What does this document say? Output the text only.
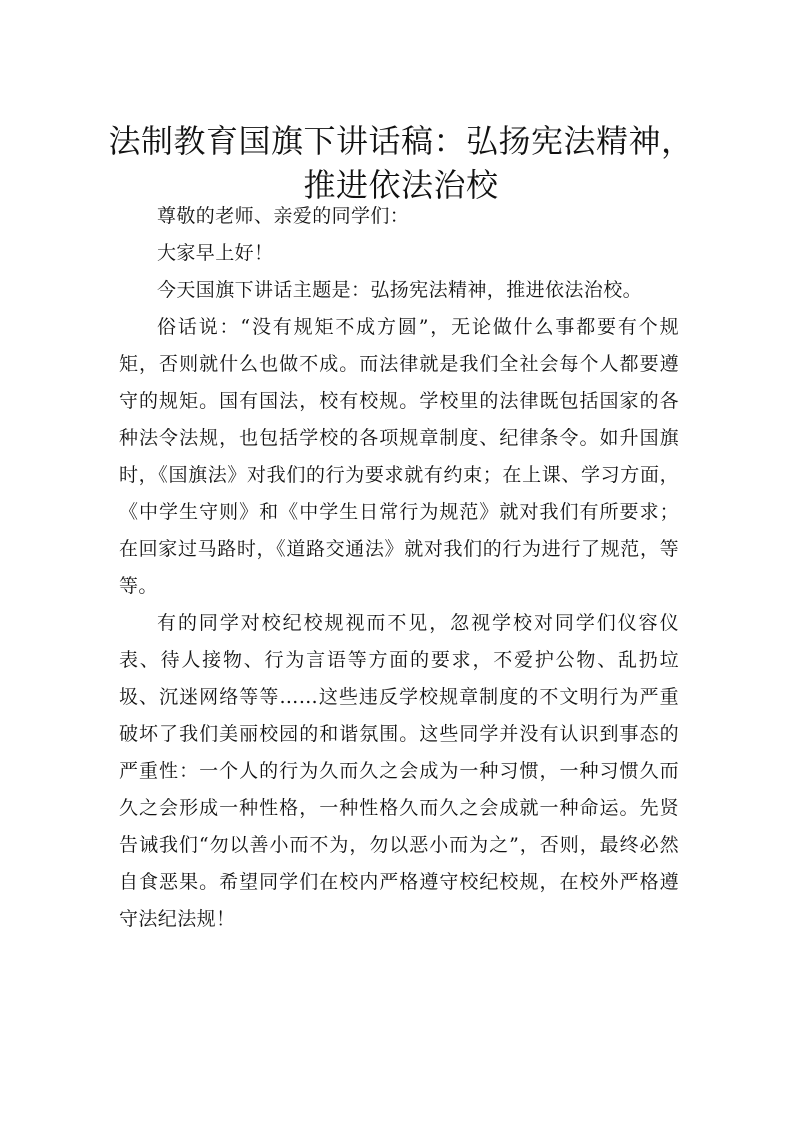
法制教育国旗下讲话稿：弘扬宪法精神，
推进依法治校

尊敬的老师、亲爱的同学们：

大家早上好！

今天国旗下讲话主题是：弘扬宪法精神，推进依法治校。

俗话说：“没有规矩不成方圆”，无论做什么事都要有个规矩，否则就什么也做不成。而法律就是我们全社会每个人都要遵守的规矩。国有国法，校有校规。学校里的法律既包括国家的各种法令法规，也包括学校的各项规章制度、纪律条令。如升国旗时，《国旗法》对我们的行为要求就有约束；在上课、学习方面，《中学生守则》和《中学生日常行为规范》就对我们有所要求；在回家过马路时，《道路交通法》就对我们的行为进行了规范，等等。

有的同学对校纪校规视而不见，忽视学校对同学们仪容仪表、待人接物、行为言语等方面的要求，不爱护公物、乱扔垃圾、沉迷网络等等……这些违反学校规章制度的不文明行为严重破坏了我们美丽校园的和谐氛围。这些同学并没有认识到事态的严重性：一个人的行为久而久之会成为一种习惯，一种习惯久而久之会形成一种性格，一种性格久而久之会成就一种命运。先贤告诫我们“勿以善小而不为，勿以恶小而为之”，否则，最终必然自食恶果。希望同学们在校内严格遵守校纪校规，在校外严格遵守法纪法规！
